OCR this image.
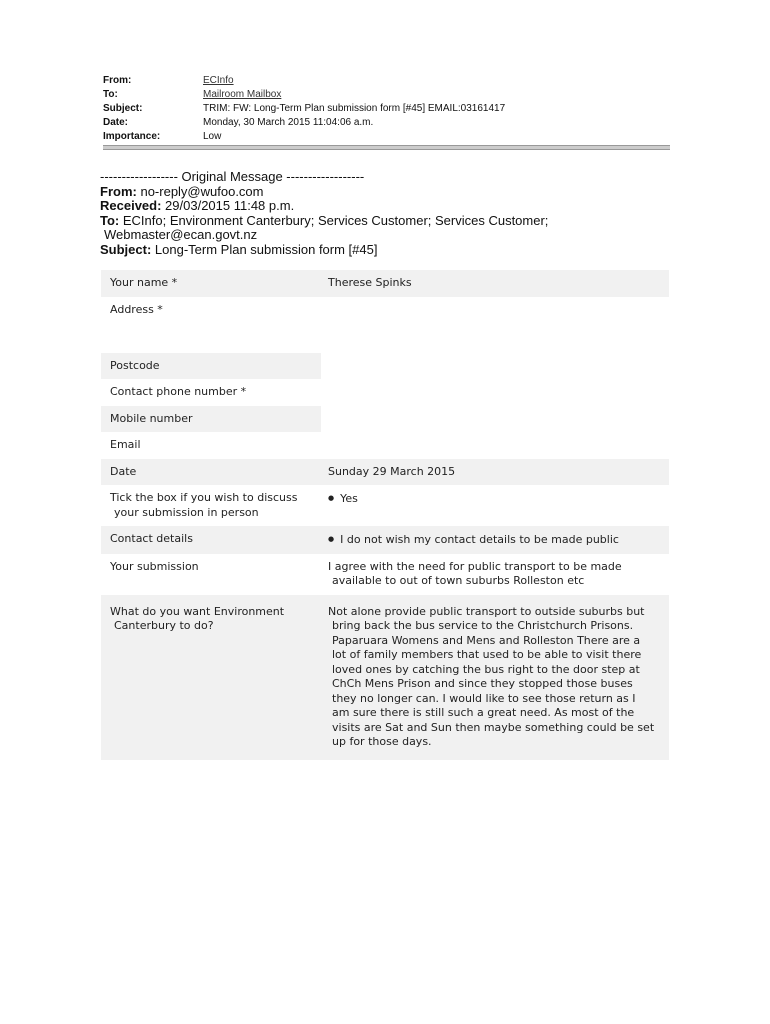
From:	ECInfo
To:	Mailroom Mailbox
Subject:	TRIM: FW: Long-Term Plan submission form [#45] EMAIL:03161417
Date:	Monday, 30 March 2015 11:04:06 a.m.
Importance:	Low
------------------ Original Message ------------------
From: no-reply@wufoo.com
Received: 29/03/2015 11:48 p.m.
To: ECInfo; Environment Canterbury; Services Customer; Services Customer;
Webmaster@ecan.govt.nz
Subject: Long-Term Plan submission form [#45]
Your name *	Therese Spinks
Address *
Postcode
Contact phone number *
Mobile number
Email
Date	Sunday 29 March 2015
Tick the box if you wish to discuss
your submission in person
● Yes
Contact details
●	I do not wish my contact details to be made public
Your submission	I agree with the need for public transport to be made
available to out of town suburbs Rolleston etc
What do you want Environment
Canterbury to do?
Not alone provide public transport to outside suburbs but
bring back the bus service to the Christchurch Prisons.
Paparuara Womens and Mens and Rolleston There are a
lot of family members that used to be able to visit there
loved ones by catching the bus right to the door step at
ChCh Mens Prison and since they stopped those buses
they no longer can. I would like to see those return as I
am sure there is still such a great need. As most of the
visits are Sat and Sun then maybe something could be set
up for those days.
